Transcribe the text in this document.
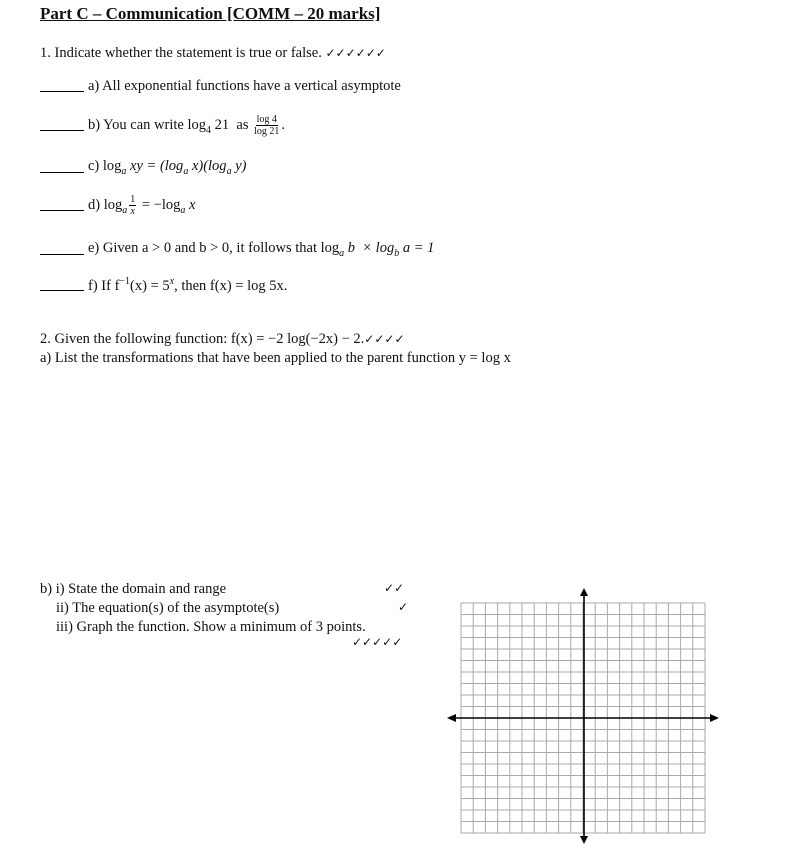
Part C – Communication [COMM – 20 marks]
1. Indicate whether the statement is true or false. ✓✓✓✓✓✓
a) All exponential functions have a vertical asymptote
b) You can write $\log_4 21$  as $\frac{\log 4}{\log 21}$ .
c) $\log_a$ xy = ($\log_a$ $x)(\log_a$ y)
d) $\log_a \frac{1}{x} = -\log_a$ x
e) Given a > 0 and b > 0, it follows that $\log_a b \times \log_b a = 1$
f) If $f^{-1}(x) = 5^x$, then f(x) = log 5x.
2. Given the following function: f(x) = −2 log(−2x) − 2.✓✓✓✓
a) List the transformations that have been applied to the parent function y = log x
b) i) State the domain and range	✓✓
ii) The equation(s) of the asymptote(s)	✓
iii) Graph the function. Show a minimum of 3 points.
✓✓✓✓✓
